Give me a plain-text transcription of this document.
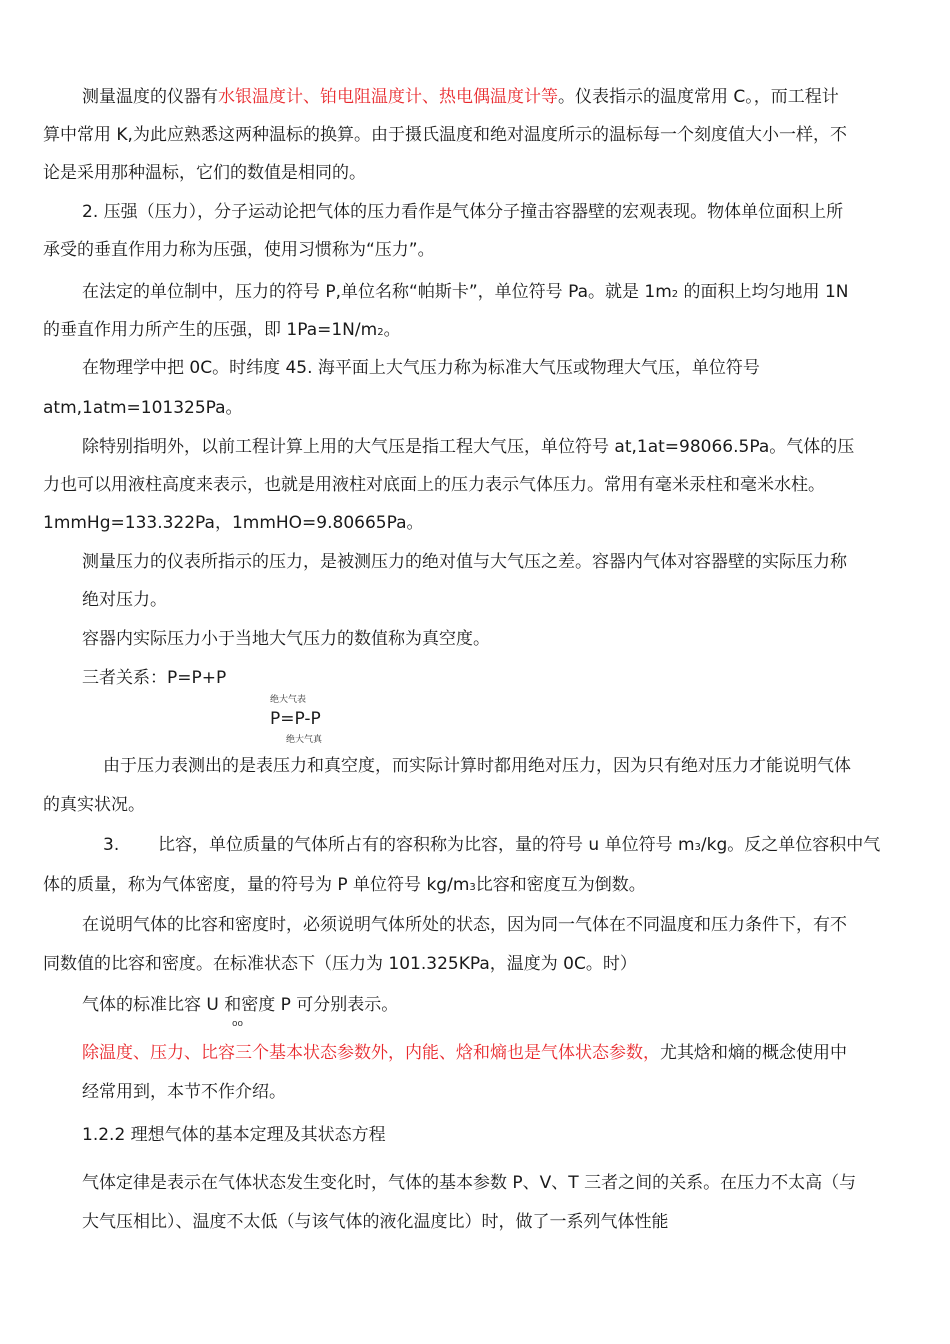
测量温度的仪器有水银温度计、铂电阻温度计、热电偶温度计等。仪表指示的温度常用 C。，而工程计
算中常用 K,为此应熟悉这两种温标的换算。由于摄氏温度和绝对温度所示的温标每一个刻度值大小一样，不
论是采用那种温标，它们的数值是相同的。
2. 压强（压力），分子运动论把气体的压力看作是气体分子撞击容器壁的宏观表现。物体单位面积上所
承受的垂直作用力称为压强，使用习惯称为“压力”。
在法定的单位制中，压力的符号 P,单位名称“帕斯卡”，单位符号 Pa。就是 1m2 的面积上均匀地用 1N
的垂直作用力所产生的压强，即 1Pa=1N/m2。
在物理学中把 0C。时纬度 45. 海平面上大气压力称为标准大气压或物理大气压，单位符号
atm,1atm=101325Pa。
除特别指明外，以前工程计算上用的大气压是指工程大气压，单位符号 at,1at=98066.5Pa。气体的压
力也可以用液柱高度来表示，也就是用液柱对底面上的压力表示气体压力。常用有毫米汞柱和毫米水柱。
1mmHg=133.322Pa，1mmHO=9.80665Pa。
测量压力的仪表所指示的压力，是被测压力的绝对值与大气压之差。容器内气体对容器壁的实际压力称
绝对压力。
容器内实际压力小于当地大气压力的数值称为真空度。
三者关系：P=P+P
绝大气表
P=P-P
绝大气真
由于压力表测出的是表压力和真空度，而实际计算时都用绝对压力，因为只有绝对压力才能说明气体
的真实状况。
3. 比容，单位质量的气体所占有的容积称为比容，量的符号 u 单位符号 m3/kg。反之单位容积中气
体的质量，称为气体密度，量的符号为 P 单位符号 kg/m3比容和密度互为倒数。
在说明气体的比容和密度时，必须说明气体所处的状态，因为同一气体在不同温度和压力条件下，有不
同数值的比容和密度。在标准状态下（压力为 101.325KPa，温度为 0C。时）
气体的标准比容 U 和密度 P 可分别表示。
oo
除温度、压力、比容三个基本状态参数外，内能、焓和熵也是气体状态参数，尤其焓和熵的概念使用中
经常用到，本节不作介绍。
1.2.2 理想气体的基本定理及其状态方程
气体定律是表示在气体状态发生变化时，气体的基本参数 P、V、T 三者之间的关系。在压力不太高（与
大气压相比）、温度不太低（与该气体的液化温度比）时，做了一系列气体性能
